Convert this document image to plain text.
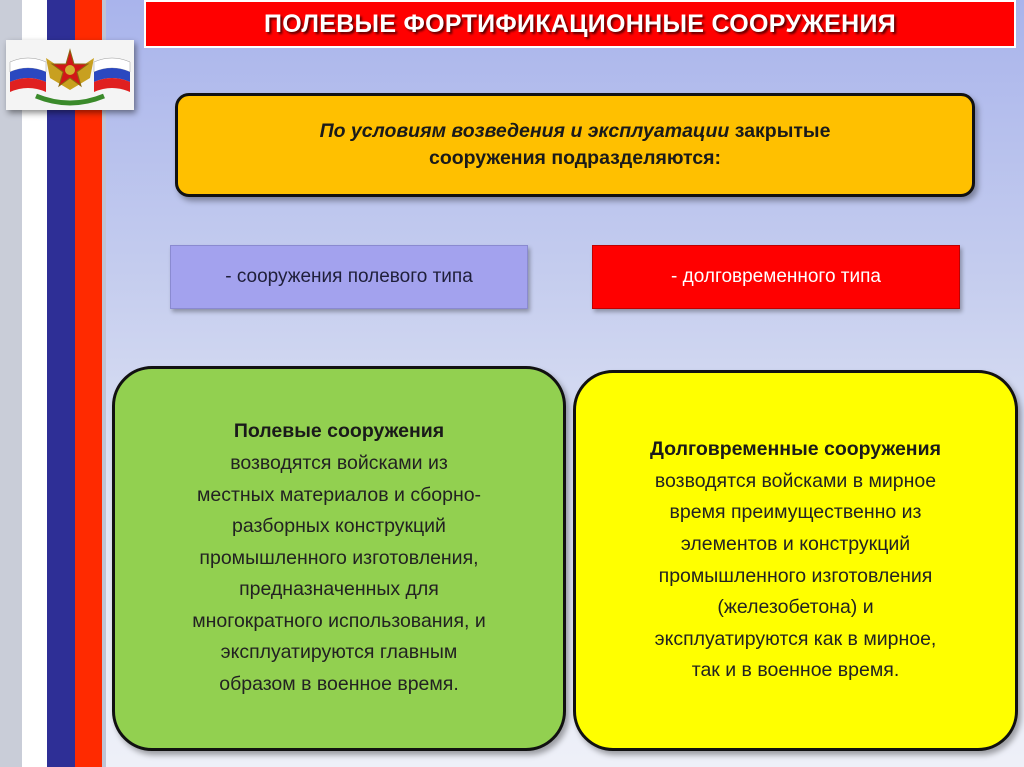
ПОЛЕВЫЕ ФОРТИФИКАЦИОННЫЕ СООРУЖЕНИЯ
По условиям возведения и эксплуатации закрытые
сооружения подразделяются:
- сооружения полевого типа	- долговременного типа
Полевые сооружения
возводятся войсками из
местных материалов и сборно-
разборных конструкций
промышленного изготовления,
предназначенных для
многократного использования, и
эксплуатируются главным
образом в военное время.
Долговременные сооружения
возводятся войсками в мирное
время преимущественно из
элементов и конструкций
промышленного изготовления
(железобетона) и
эксплуатируются как в мирное,
так и в военное время.
